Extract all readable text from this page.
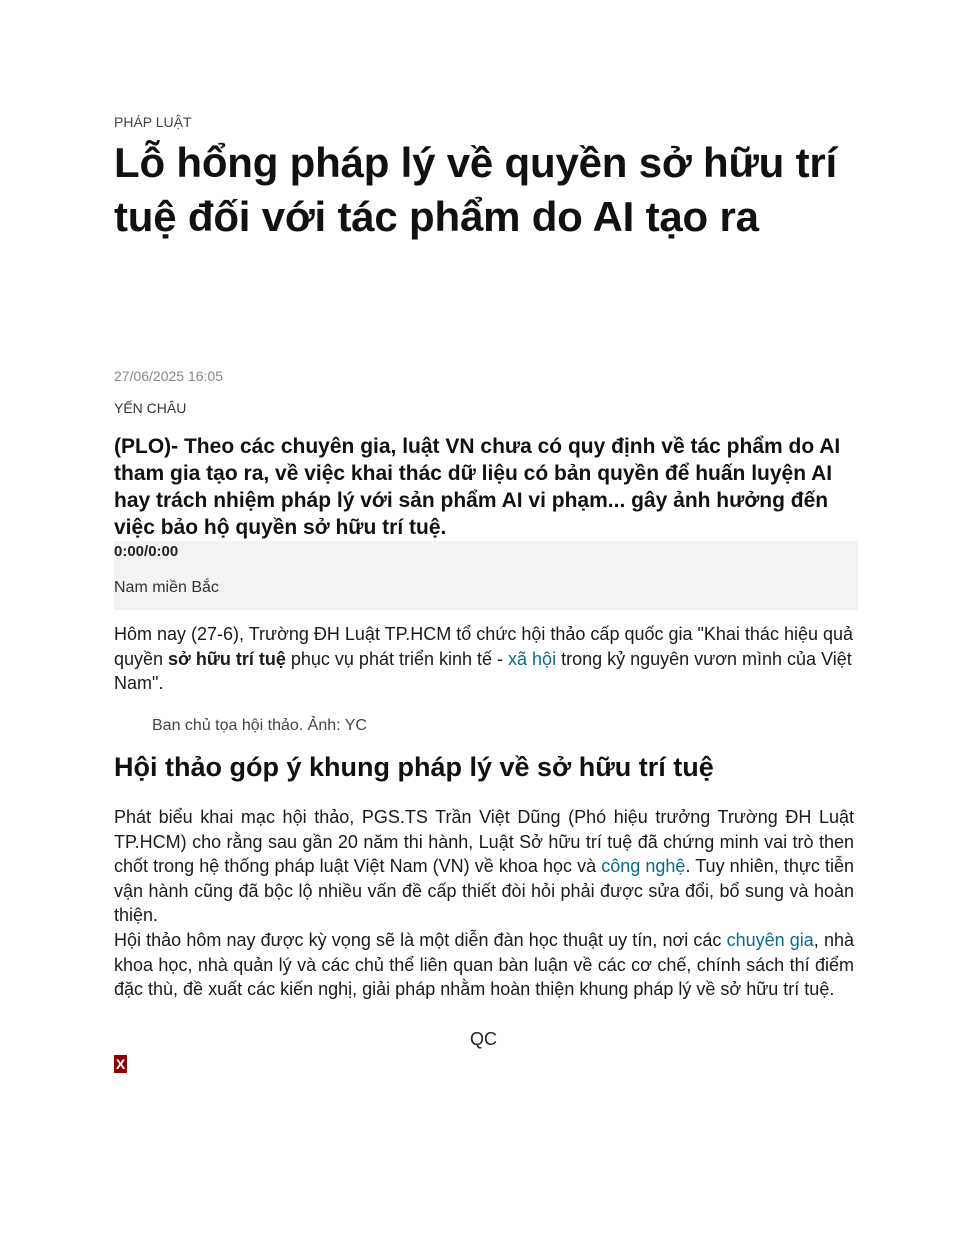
PHÁP LUẬT
Lỗ hổng pháp lý về quyền sở hữu trí tuệ đối với tác phẩm do AI tạo ra
27/06/2025 16:05
YẾN CHÂU

(PLO)- Theo các chuyên gia, luật VN chưa có quy định về tác phẩm do AI tham gia tạo ra, về việc khai thác dữ liệu có bản quyền để huấn luyện AI hay trách nhiệm pháp lý với sản phẩm AI vi phạm... gây ảnh hưởng đến việc bảo hộ quyền sở hữu trí tuệ.

0:00/0:00
Nam miền Bắc

Hôm nay (27-6), Trường ĐH Luật TP.HCM tổ chức hội thảo cấp quốc gia "Khai thác hiệu quả quyền sở hữu trí tuệ phục vụ phát triển kinh tế - xã hội trong kỷ nguyên vươn mình của Việt Nam".

Ban chủ tọa hội thảo. Ảnh: YC
Hội thảo góp ý khung pháp lý về sở hữu trí tuệ

Phát biểu khai mạc hội thảo, PGS.TS Trần Việt Dũng (Phó hiệu trưởng Trường ĐH Luật TP.HCM) cho rằng sau gần 20 năm thi hành, Luật Sở hữu trí tuệ đã chứng minh vai trò then chốt trong hệ thống pháp luật Việt Nam (VN) về khoa học và công nghệ. Tuy nhiên, thực tiễn vận hành cũng đã bộc lộ nhiều vấn đề cấp thiết đòi hỏi phải được sửa đổi, bổ sung và hoàn thiện.

Hội thảo hôm nay được kỳ vọng sẽ là một diễn đàn học thuật uy tín, nơi các chuyên gia, nhà khoa học, nhà quản lý và các chủ thể liên quan bàn luận về các cơ chế, chính sách thí điểm đặc thù, đề xuất các kiến nghị, giải pháp nhằm hoàn thiện khung pháp lý về sở hữu trí tuệ.

QC
X
